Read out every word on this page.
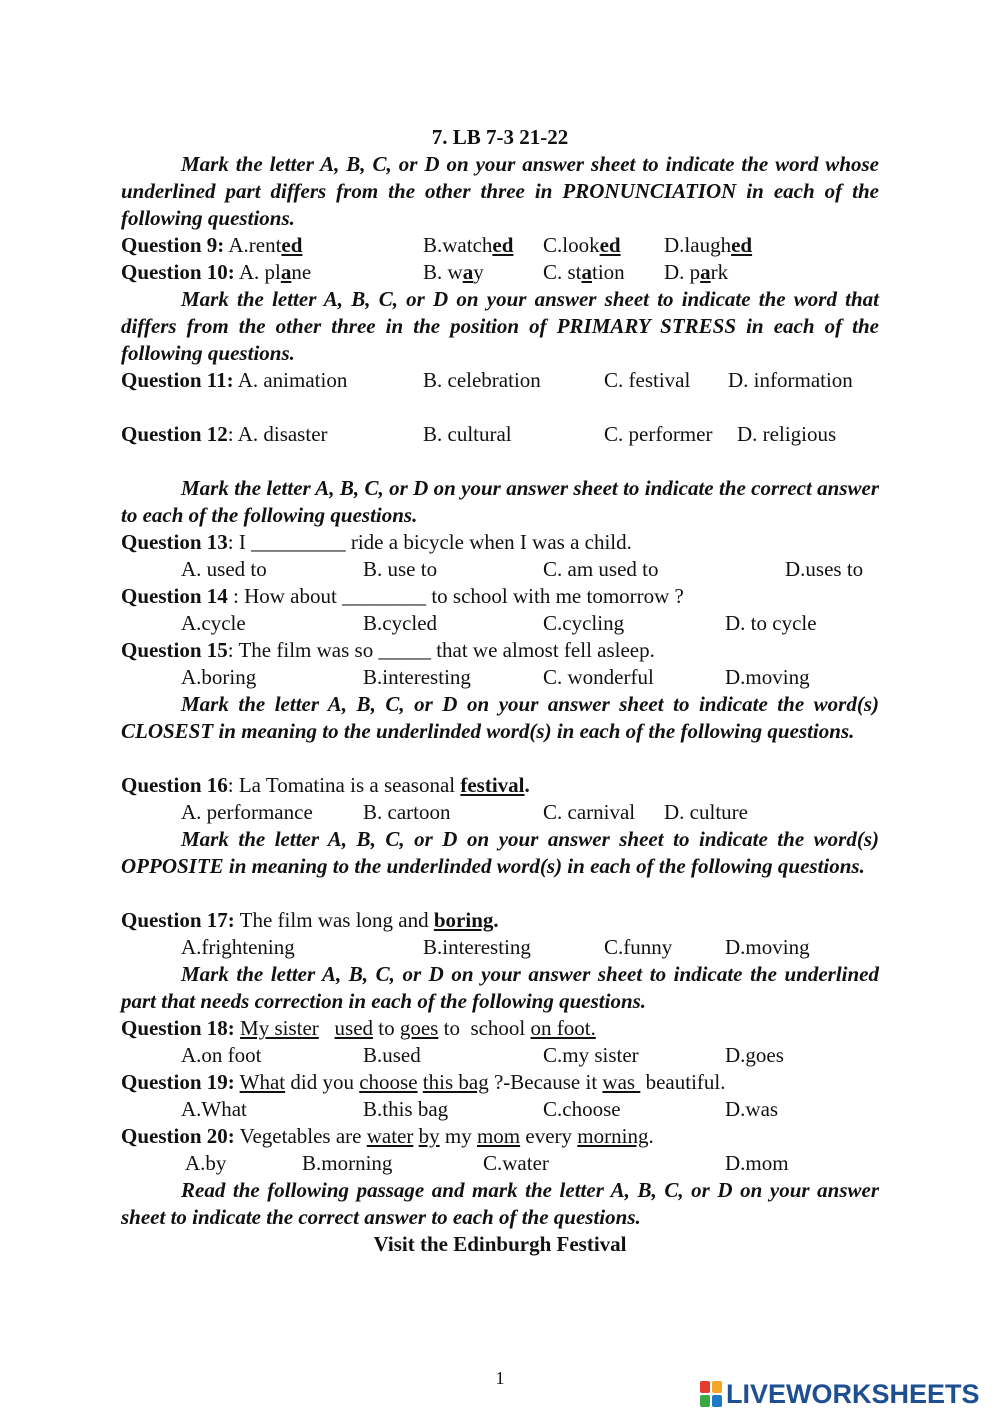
7. LB 7-3 21-22
Mark the letter A, B, C, or D on your answer sheet to indicate the word whose underlined part differs from the other three in PRONUNCIATION in each of the following questions.
Question 9: A.rented	B.watched C.looked D.laughed
Question 10: A. plane	B. way	C. station D. park
Mark the letter A, B, C, or D on your answer sheet to indicate the word that differs from the other three in the position of PRIMARY STRESS in each of the following questions.
Question 11: A. animation	B. celebration	C. festival D. information
Question 12: A. disaster	B. cultural	C. performer D. religious
Mark the letter A, B, C, or D on your answer sheet to indicate the correct answer to each of the following questions.
Question 13: I _________ ride a bicycle when I was a child.
A. used to	B. use to	C. am used to	D.uses to
Question 14 : How about ________ to school with me tomorrow ?
A.cycle	B.cycled	C.cycling	D. to cycle
Question 15: The film was so _____ that we almost fell asleep.
A.boring	B.interesting	C. wonderful	D.moving
Mark the letter A, B, C, or D on your answer sheet to indicate the word(s) CLOSEST in meaning to the underlinded word(s) in each of the following questions.
Question 16: La Tomatina is a seasonal festival.
A. performance B. cartoon	C. carnival D. culture
Mark the letter A, B, C, or D on your answer sheet to indicate the word(s) OPPOSITE in meaning to the underlinded word(s) in each of the following questions.
Question 17: The film was long and boring.
A.frightening	B.interesting	C.funny	D.moving
Mark the letter A, B, C, or D on your answer sheet to indicate the underlined part that needs correction in each of the following questions.
Question 18: My sister used to goes to  school on foot.
A.on foot	B.used	C.my sister	D.goes
Question 19: What did you choose this bag ?-Because it was  beautiful.
A.What	B.this bag	C.choose	D.was
Question 20: Vegetables are water by my mom every morning.
A.by	B.morning	C.water	D.mom
Read the following passage and mark the letter A, B, C, or D on your answer sheet to indicate the correct answer to each of the questions.
Visit the Edinburgh Festival
1
LIVEWORKSHEETS
